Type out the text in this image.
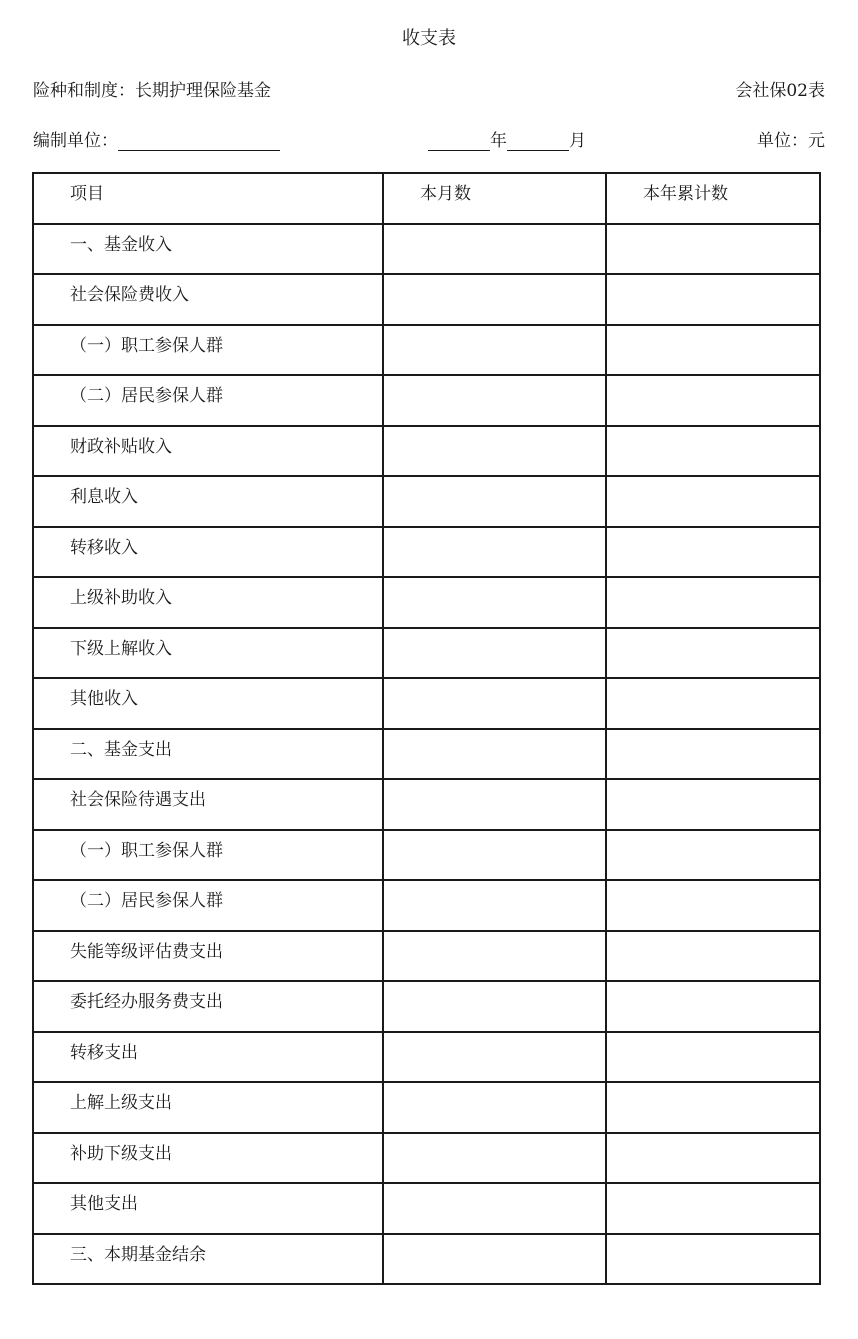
收支表
险种和制度：长期护理保险基金	会社保02表
编制单位：	年	月	单位：元
项目	本月数	本年累计数

一、基金收入		

社会保险费收入		

（一）职工参保人群		

（二）居民参保人群		

财政补贴收入		

利息收入		

转移收入		

上级补助收入		

下级上解收入		

其他收入		

二、基金支出		

社会保险待遇支出		

（一）职工参保人群		

（二）居民参保人群		

失能等级评估费支出		

委托经办服务费支出		

转移支出		

上解上级支出		

补助下级支出		

其他支出		

三、本期基金结余		
